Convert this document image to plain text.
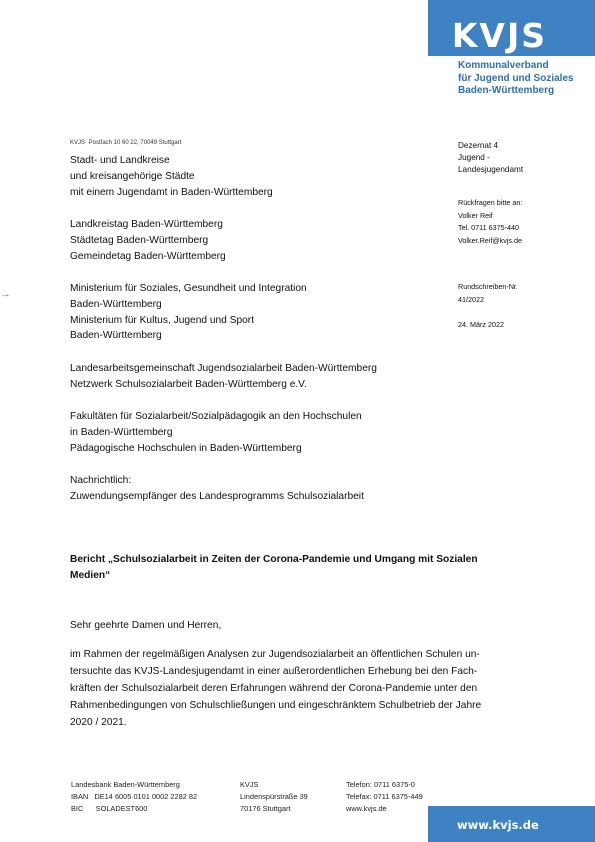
KVJS
Kommunalverband
für Jugend und Soziales
Baden-Württemberg
→
KVJS· Postfach 10 60 22, 70049 Stuttgart
Stadt- und Landkreise
und kreisangehörige Städte
mit einem Jugendamt in Baden-Württemberg
Landkreistag Baden-Württemberg
Städtetag Baden-Württemberg
Gemeindetag Baden-Württemberg
Ministerium für Soziales, Gesundheit und Integration
Baden-Württemberg
Ministerium für Kultus, Jugend und Sport
Baden-Württemberg
Landesarbeitsgemeinschaft Jugendsozialarbeit Baden-Württemberg
Netzwerk Schulsozialarbeit Baden-Württemberg e.V.
Fakultäten für Sozialarbeit/Sozialpädagogik an den Hochschulen
in Baden-Württemberg
Pädagogische Hochschulen in Baden-Württemberg
Nachrichtlich:
Zuwendungsempfänger des Landesprogramms Schulsozialarbeit
Dezernat 4
Jugend -
Landesjugendamt
Rückfragen bitte an:
Volker Reif
Tel. 0711 6375-440
Volker.Reif@kvjs.de
Rundschreiben-Nr.
41/2022
24. März 2022
Bericht „Schulsozialarbeit in Zeiten der Corona-Pandemie und Umgang mit Sozialen
Medien“
Sehr geehrte Damen und Herren,
im Rahmen der regelmäßigen Analysen zur Jugendsozialarbeit an öffentlichen Schulen un-
tersuchte das KVJS-Landesjugendamt in einer außerordentlichen Erhebung bei den Fach-
kräften der Schulsozialarbeit deren Erfahrungen während der Corona-Pandemie unter den
Rahmenbedingungen von Schulschließungen und eingeschränktem Schulbetrieb der Jahre
2020 / 2021.
Landesbank Baden-Württemberg
IBAN   DE14 6005 0101 0002 2282 82
BIC      SOLADEST600
KVJS
Lindenspürstraße 39
70176 Stuttgart
Telefon: 0711 6375-0
Telefax: 0711 6375-449
www.kvjs.de
www.kvjs.de
